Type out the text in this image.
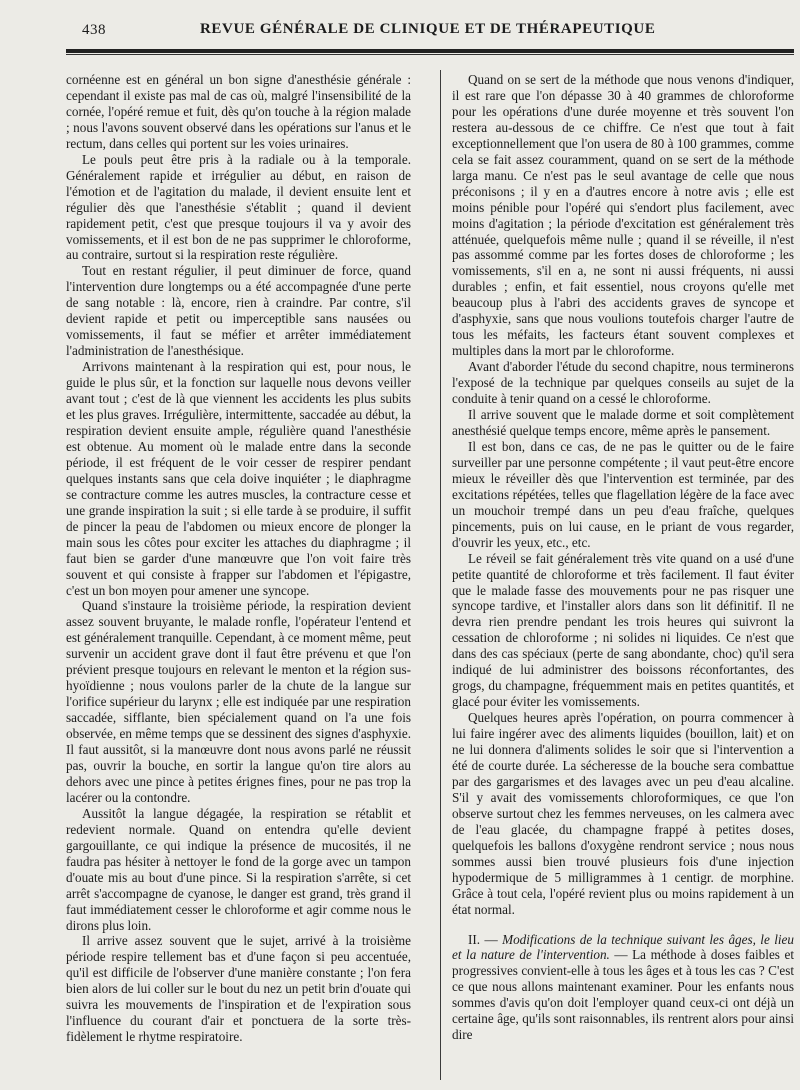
438	REVUE GÉNÉRALE DE CLINIQUE ET DE THÉRAPEUTIQUE

cornéenne est en général un bon signe d'anesthésie générale : cependant il existe pas mal de cas où, malgré l'insensibilité de la cornée, l'opéré remue et fuit, dès qu'on touche à la région malade ; nous l'avons souvent observé dans les opérations sur l'anus et le rectum, dans celles qui portent sur les voies urinaires.

Le pouls peut être pris à la radiale ou à la temporale. Généralement rapide et irrégulier au début, en raison de l'émotion et de l'agitation du malade, il devient ensuite lent et régulier dès que l'anesthésie s'établit ; quand il devient rapidement petit, c'est que presque toujours il va y avoir des vomissements, et il est bon de ne pas supprimer le chloroforme, au contraire, surtout si la respiration reste régulière.

Tout en restant régulier, il peut diminuer de force, quand l'intervention dure longtemps ou a été accompagnée d'une perte de sang notable : là, encore, rien à craindre. Par contre, s'il devient rapide et petit ou imperceptible sans nausées ou vomissements, il faut se méfier et arrêter immédiatement l'administration de l'anesthésique.

Arrivons maintenant à la respiration qui est, pour nous, le guide le plus sûr, et la fonction sur laquelle nous devons veiller avant tout ; c'est de là que viennent les accidents les plus subits et les plus graves. Irrégulière, intermittente, saccadée au début, la respiration devient ensuite ample, régulière quand l'anesthésie est obtenue. Au moment où le malade entre dans la seconde période, il est fréquent de le voir cesser de respirer pendant quelques instants sans que cela doive inquiéter ; le diaphragme se contracture comme les autres muscles, la contracture cesse et une grande inspiration la suit ; si elle tarde à se produire, il suffit de pincer la peau de l'abdomen ou mieux encore de plonger la main sous les côtes pour exciter les attaches du diaphragme ; il faut bien se garder d'une manœuvre que l'on voit faire très souvent et qui consiste à frapper sur l'abdomen et l'épigastre, c'est un bon moyen pour amener une syncope.

Quand s'instaure la troisième période, la respiration devient assez souvent bruyante, le malade ronfle, l'opérateur l'entend et est généralement tranquille. Cependant, à ce moment même, peut survenir un accident grave dont il faut être prévenu et que l'on prévient presque toujours en relevant le menton et la région sus-hyoïdienne ; nous voulons parler de la chute de la langue sur l'orifice supérieur du larynx ; elle est indiquée par une respiration saccadée, sifflante, bien spécialement quand on l'a une fois observée, en même temps que se dessinent des signes d'asphyxie. Il faut aussitôt, si la manœuvre dont nous avons parlé ne réussit pas, ouvrir la bouche, en sortir la langue qu'on tire alors au dehors avec une pince à petites érignes fines, pour ne pas trop la lacérer ou la contondre.

Aussitôt la langue dégagée, la respiration se rétablit et redevient normale. Quand on entendra qu'elle devient gargouillante, ce qui indique la présence de mucosités, il ne faudra pas hésiter à nettoyer le fond de la gorge avec un tampon d'ouate mis au bout d'une pince. Si la respiration s'arrête, si cet arrêt s'accompagne de cyanose, le danger est grand, très grand il faut immédiatement cesser le chloroforme et agir comme nous le dirons plus loin.

Il arrive assez souvent que le sujet, arrivé à la troisième période respire tellement bas et d'une façon si peu accentuée, qu'il est difficile de l'observer d'une manière constante ; l'on fera bien alors de lui coller sur le bout du nez un petit brin d'ouate qui suivra les mouvements de l'inspiration et de l'expiration sous l'influence du courant d'air et ponctuera de la sorte très-fidèlement le rhytme respiratoire.

Quand on se sert de la méthode que nous venons d'indiquer, il est rare que l'on dépasse 30 à 40 grammes de chloroforme pour les opérations d'une durée moyenne et très souvent l'on restera au-dessous de ce chiffre. Ce n'est que tout à fait exceptionnellement que l'on usera de 80 à 100 grammes, comme cela se fait assez couramment, quand on se sert de la méthode larga manu. Ce n'est pas le seul avantage de celle que nous préconisons ; il y en a d'autres encore à notre avis ; elle est moins pénible pour l'opéré qui s'endort plus facilement, avec moins d'agitation ; la période d'excitation est généralement très atténuée, quelquefois même nulle ; quand il se réveille, il n'est pas assommé comme par les fortes doses de chloroforme ; les vomissements, s'il en a, ne sont ni aussi fréquents, ni aussi durables ; enfin, et fait essentiel, nous croyons qu'elle met beaucoup plus à l'abri des accidents graves de syncope et d'asphyxie, sans que nous voulions toutefois charger l'autre de tous les méfaits, les facteurs étant souvent complexes et multiples dans la mort par le chloroforme.

Avant d'aborder l'étude du second chapitre, nous terminerons l'exposé de la technique par quelques conseils au sujet de la conduite à tenir quand on a cessé le chloroforme.

Il arrive souvent que le malade dorme et soit complètement anesthésié quelque temps encore, même après le pansement.

Il est bon, dans ce cas, de ne pas le quitter ou de le faire surveiller par une personne compétente ; il vaut peut-être encore mieux le réveiller dès que l'intervention est terminée, par des excitations répétées, telles que flagellation légère de la face avec un mouchoir trempé dans un peu d'eau fraîche, quelques pincements, puis on lui cause, en le priant de vous regarder, d'ouvrir les yeux, etc., etc.

Le réveil se fait généralement très vite quand on a usé d'une petite quantité de chloroforme et très facilement. Il faut éviter que le malade fasse des mouvements pour ne pas risquer une syncope tardive, et l'installer alors dans son lit définitif. Il ne devra rien prendre pendant les trois heures qui suivront la cessation de chloroforme ; ni solides ni liquides. Ce n'est que dans des cas spéciaux (perte de sang abondante, choc) qu'il sera indiqué de lui administrer des boissons réconfortantes, des grogs, du champagne, fréquemment mais en petites quantités, et glacé pour éviter les vomissements.

Quelques heures après l'opération, on pourra commencer à lui faire ingérer avec des aliments liquides (bouillon, lait) et on ne lui donnera d'aliments solides le soir que si l'intervention a été de courte durée. La sécheresse de la bouche sera combattue par des gargarismes et des lavages avec un peu d'eau alcaline. S'il y avait des vomissements chloroformiques, ce que l'on observe surtout chez les femmes nerveuses, on les calmera avec de l'eau glacée, du champagne frappé à petites doses, quelquefois les ballons d'oxygène rendront service ; nous nous sommes aussi bien trouvé plusieurs fois d'une injection hypodermique de 5 milligrammes à 1 centigr. de morphine. Grâce à tout cela, l'opéré revient plus ou moins rapidement à un état normal.

II. — Modifications de la technique suivant les âges, le lieu et la nature de l'intervention. — La méthode à doses faibles et progressives convient-elle à tous les âges et à tous les cas ? C'est ce que nous allons maintenant examiner. Pour les enfants nous sommes d'avis qu'on doit l'employer quand ceux-ci ont déjà un certaine âge, qu'ils sont raisonnables, ils rentrent alors pour ainsi dire
